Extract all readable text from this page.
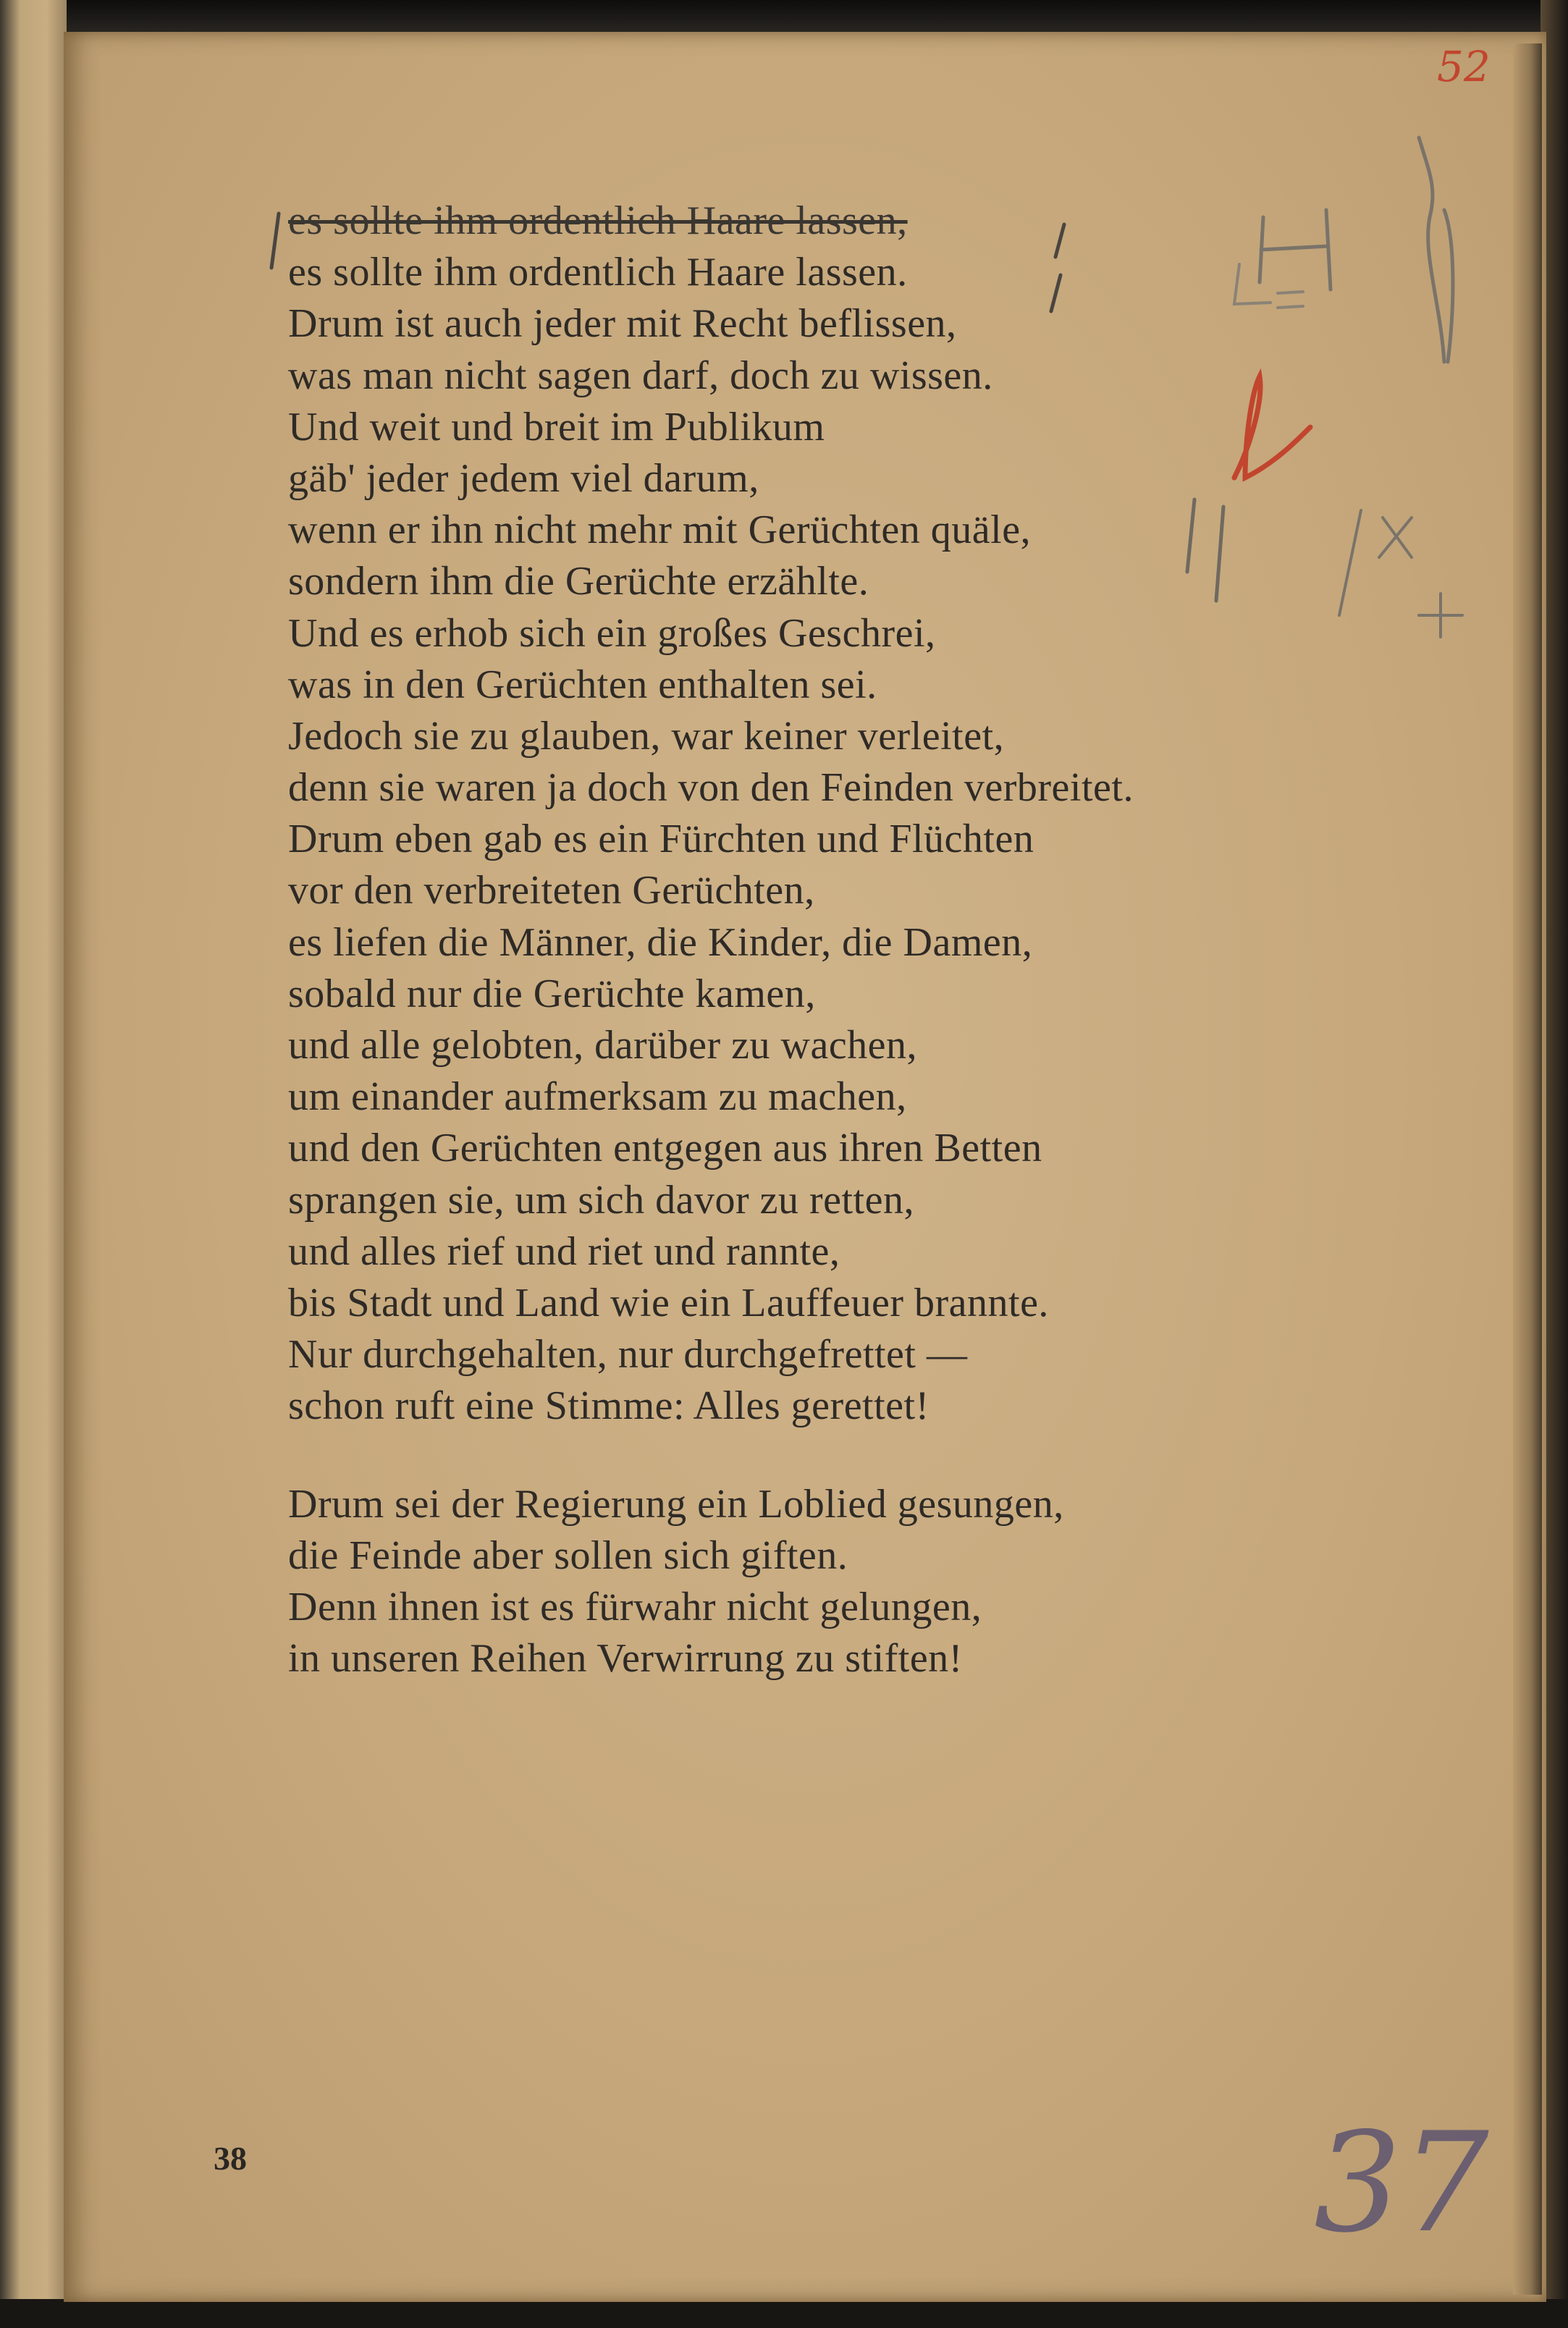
es sollte ihm ordentlich Haare lassen,
es sollte ihm ordentlich Haare lassen.
Drum ist auch jeder mit Recht beflissen,
was man nicht sagen darf, doch zu wissen.
Und weit und breit im Publikum
gäb' jeder jedem viel darum,
wenn er ihn nicht mehr mit Gerüchten quäle,
sondern ihm die Gerüchte erzählte.
Und es erhob sich ein großes Geschrei,
was in den Gerüchten enthalten sei.
Jedoch sie zu glauben, war keiner verleitet,
denn sie waren ja doch von den Feinden verbreitet.
Drum eben gab es ein Fürchten und Flüchten
vor den verbreiteten Gerüchten,
es liefen die Männer, die Kinder, die Damen,
sobald nur die Gerüchte kamen,
und alle gelobten, darüber zu wachen,
um einander aufmerksam zu machen,
und den Gerüchten entgegen aus ihren Betten
sprangen sie, um sich davor zu retten,
und alles rief und riet und rannte,
bis Stadt und Land wie ein Lauffeuer brannte.
Nur durchgehalten, nur durchgefrettet —
schon ruft eine Stimme: Alles gerettet!
Drum sei der Regierung ein Loblied gesungen,
die Feinde aber sollen sich giften.
Denn ihnen ist es fürwahr nicht gelungen,
in unseren Reihen Verwirrung zu stiften!
38
52
37
